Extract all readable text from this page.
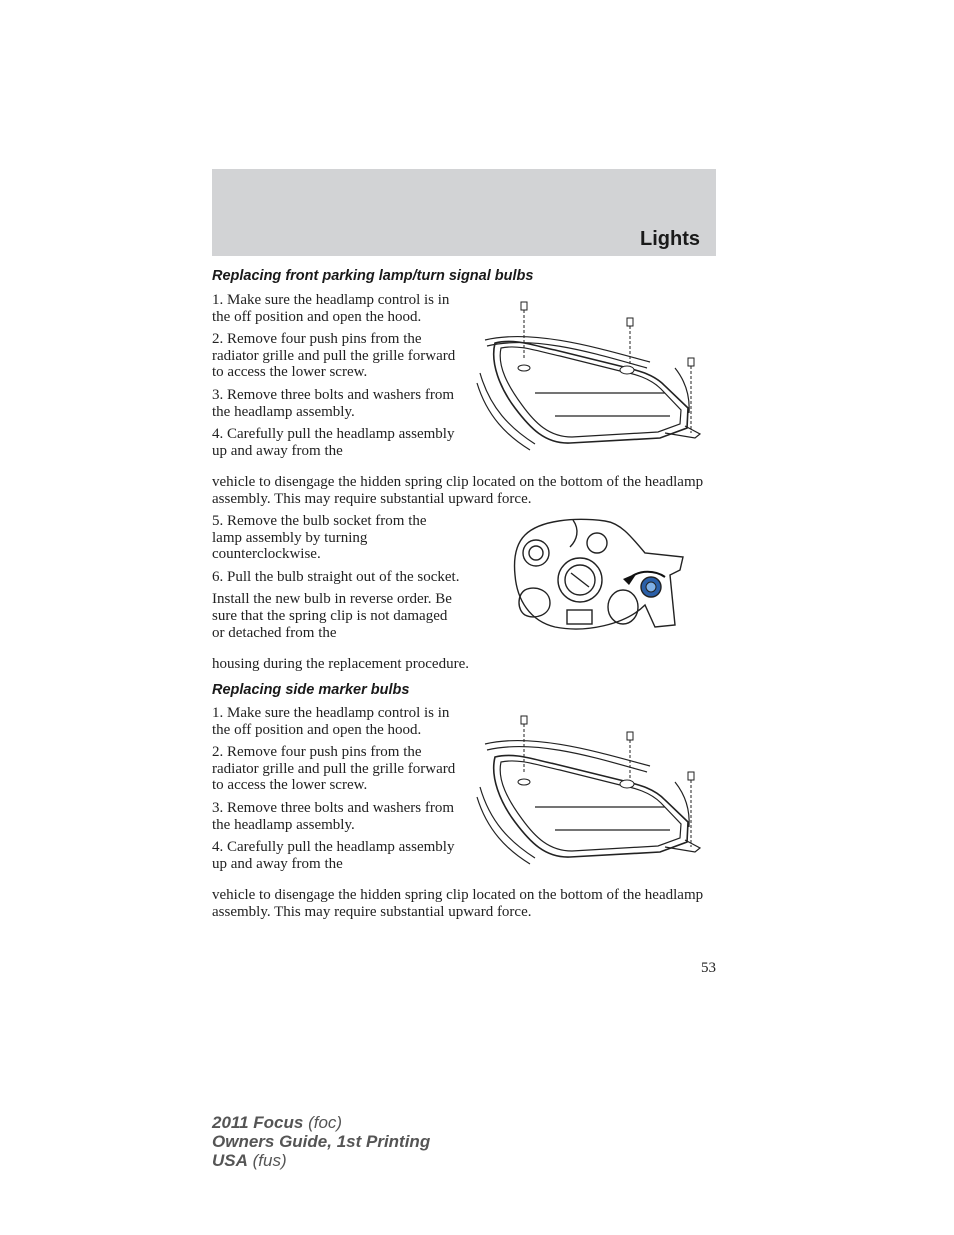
Lights
Replacing front parking lamp/turn signal bulbs

1. Make sure the headlamp control is in the off position and open the hood.

2. Remove four push pins from the radiator grille and pull the grille forward to access the lower screw.

3. Remove three bolts and washers from the headlamp assembly.

4. Carefully pull the headlamp assembly up and away from the

vehicle to disengage the hidden spring clip located on the bottom of the headlamp assembly. This may require substantial upward force.

5. Remove the bulb socket from the lamp assembly by turning counterclockwise.

6. Pull the bulb straight out of the socket.

Install the new bulb in reverse order. Be sure that the spring clip is not damaged or detached from the

housing during the replacement procedure.

Replacing side marker bulbs

1. Make sure the headlamp control is in the off position and open the hood.

2. Remove four push pins from the radiator grille and pull the grille forward to access the lower screw.

3. Remove three bolts and washers from the headlamp assembly.

4. Carefully pull the headlamp assembly up and away from the

vehicle to disengage the hidden spring clip located on the bottom of the headlamp assembly. This may require substantial upward force.

53
2011 Focus (foc)
Owners Guide, 1st Printing
USA (fus)
